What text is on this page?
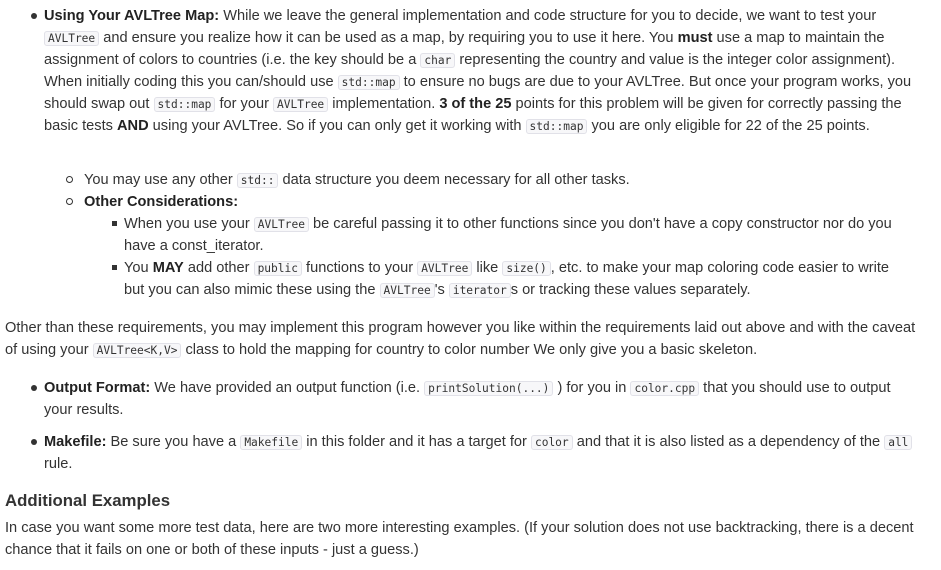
Using Your AVLTree Map: While we leave the general implementation and code structure for you to decide, we want to test your AVLTree and ensure you realize how it can be used as a map, by requiring you to use it here. You must use a map to maintain the assignment of colors to countries (i.e. the key should be a char representing the country and value is the integer color assignment). When initially coding this you can/should use std::map to ensure no bugs are due to your AVLTree. But once your program works, you should swap out std::map for your AVLTree implementation. 3 of the 25 points for this problem will be given for correctly passing the basic tests AND using your AVLTree. So if you can only get it working with std::map you are only eligible for 22 of the 25 points.
You may use any other std:: data structure you deem necessary for all other tasks.
Other Considerations:
When you use your AVLTree be careful passing it to other functions since you don't have a copy constructor nor do you have a const_iterator.
You MAY add other public functions to your AVLTree like size() , etc. to make your map coloring code easier to write but you can also mimic these using the AVLTree 's iterator s or tracking these values separately.

Other than these requirements, you may implement this program however you like within the requirements laid out above and with the caveat of using your AVLTree<K,V> class to hold the mapping for country to color number We only give you a basic skeleton.

Output Format: We have provided an output function (i.e. printSolution(...) ) for you in color.cpp that you should use to output your results.
Makefile: Be sure you have a Makefile in this folder and it has a target for color and that it is also listed as a dependency of the all rule.
Additional Examples

In case you want some more test data, here are two more interesting examples. (If your solution does not use backtracking, there is a decent chance that it fails on one or both of these inputs - just a guess.)
